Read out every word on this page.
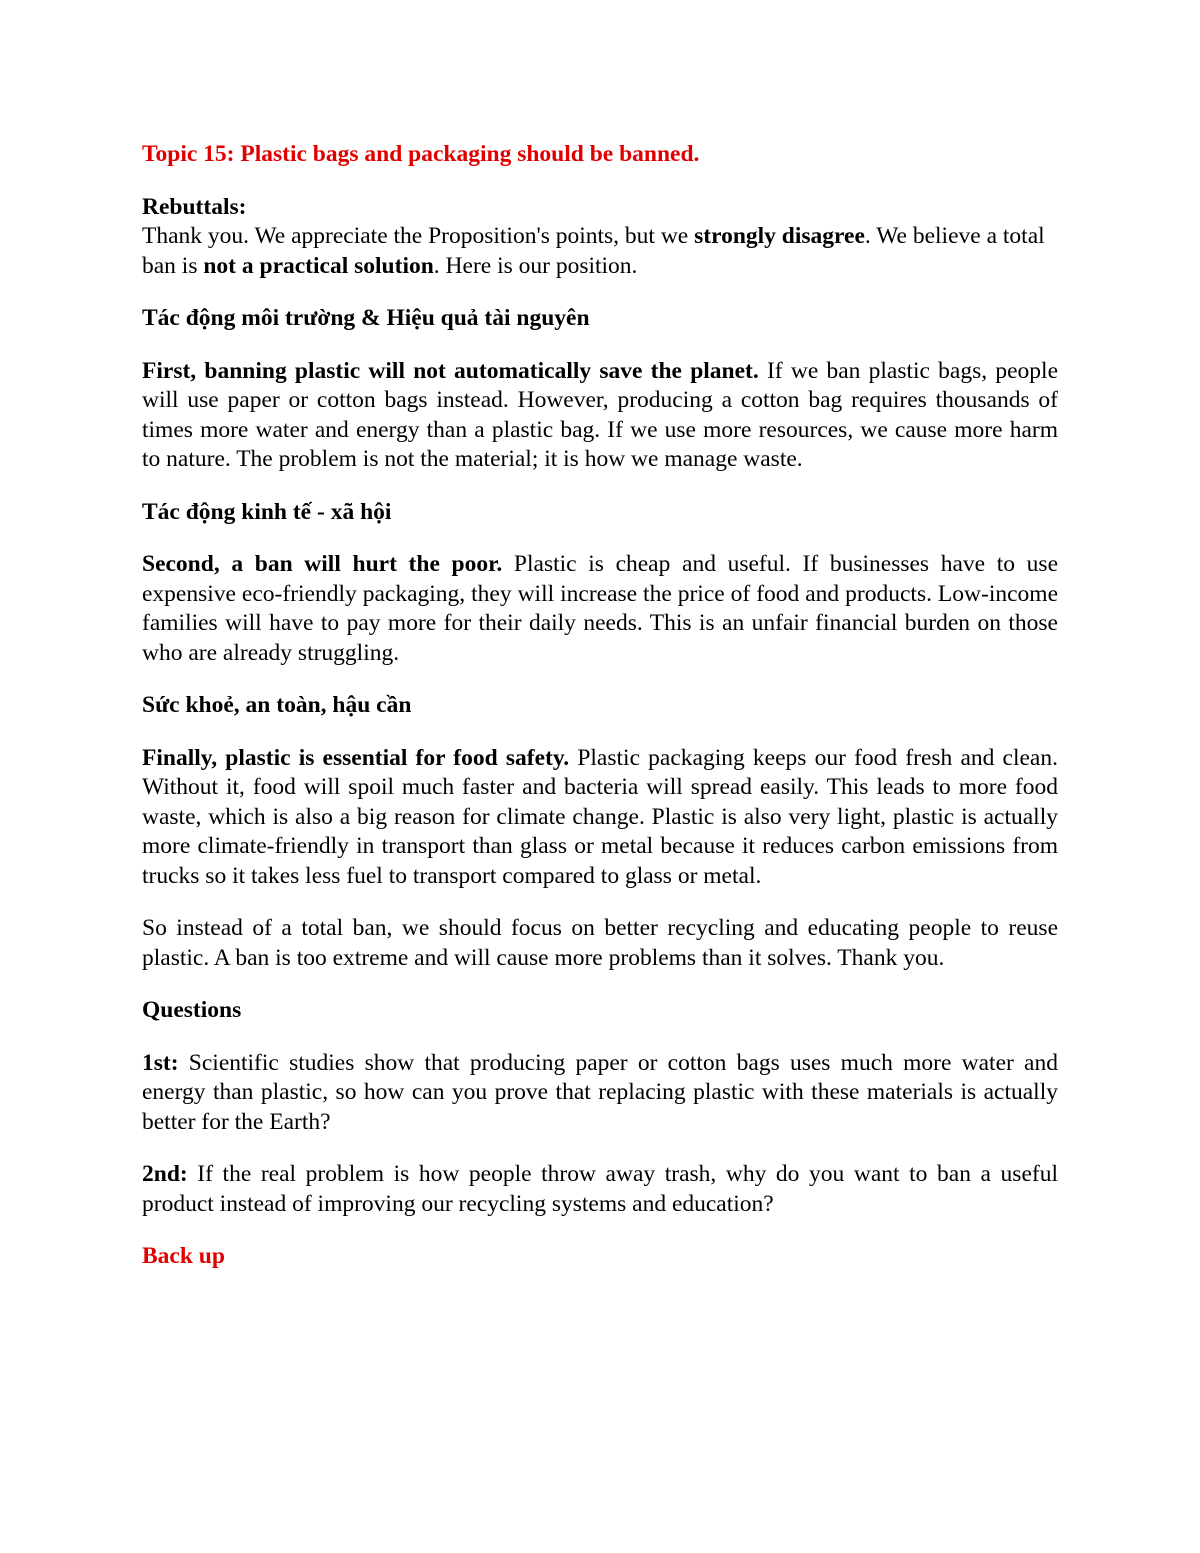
Topic 15: Plastic bags and packaging should be banned.

Rebuttals:
Thank you. We appreciate the Proposition's points, but we strongly disagree. We believe a total ban is not a practical solution. Here is our position.

Tác động môi trường & Hiệu quả tài nguyên

First, banning plastic will not automatically save the planet. If we ban plastic bags, people will use paper or cotton bags instead. However, producing a cotton bag requires thousands of times more water and energy than a plastic bag. If we use more resources, we cause more harm to nature. The problem is not the material; it is how we manage waste.

Tác động kinh tế - xã hội

Second, a ban will hurt the poor. Plastic is cheap and useful. If businesses have to use expensive eco-friendly packaging, they will increase the price of food and products. Low-income families will have to pay more for their daily needs. This is an unfair financial burden on those who are already struggling.

Sức khoẻ, an toàn, hậu cần

Finally, plastic is essential for food safety. Plastic packaging keeps our food fresh and clean. Without it, food will spoil much faster and bacteria will spread easily. This leads to more food waste, which is also a big reason for climate change. Plastic is also very light, plastic is actually more climate-friendly in transport than glass or metal because it reduces carbon emissions from trucks so it takes less fuel to transport compared to glass or metal.

So instead of a total ban, we should focus on better recycling and educating people to reuse plastic. A ban is too extreme and will cause more problems than it solves. Thank you.

Questions

1st: Scientific studies show that producing paper or cotton bags uses much more water and energy than plastic, so how can you prove that replacing plastic with these materials is actually better for the Earth?

2nd: If the real problem is how people throw away trash, why do you want to ban a useful product instead of improving our recycling systems and education?

Back up
